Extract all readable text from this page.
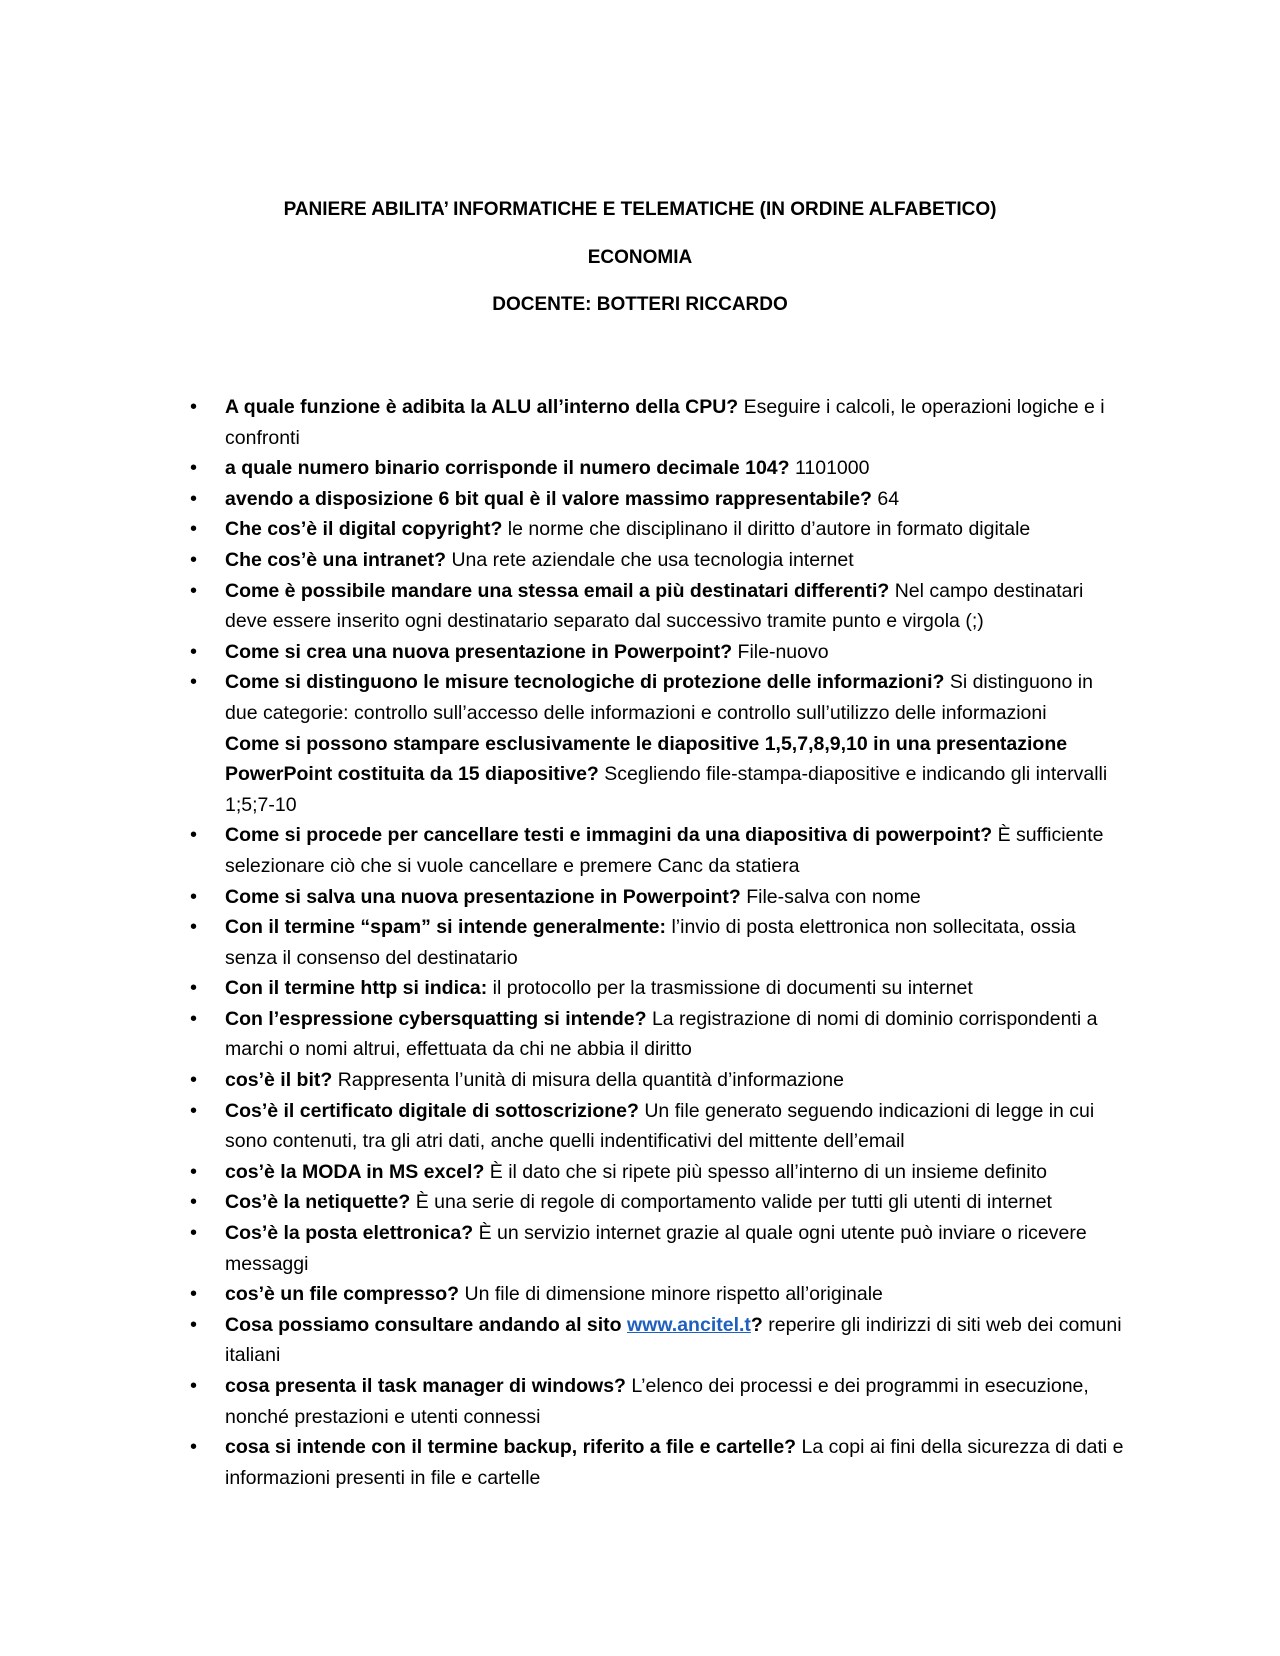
PANIERE ABILITA’ INFORMATICHE E TELEMATICHE (IN ORDINE ALFABETICO)
ECONOMIA
DOCENTE: BOTTERI RICCARDO
• A quale funzione è adibita la ALU all’interno della CPU? Eseguire i calcoli, le operazioni logiche e i confronti
• a quale numero binario corrisponde il numero decimale 104? 1101000
• avendo a disposizione 6 bit qual è il valore massimo rappresentabile? 64
• Che cos’è il digital copyright? le norme che disciplinano il diritto d’autore in formato digitale
• Che cos’è una intranet? Una rete aziendale che usa tecnologia internet
• Come è possibile mandare una stessa email a più destinatari differenti? Nel campo destinatari deve essere inserito ogni destinatario separato dal successivo tramite punto e virgola (;)
• Come si crea una nuova presentazione in Powerpoint? File-nuovo
• Come si distinguono le misure tecnologiche di protezione delle informazioni? Si distinguono in due categorie: controllo sull’accesso delle informazioni e controllo sull’utilizzo delle informazioni
Come si possono stampare esclusivamente le diapositive 1,5,7,8,9,10 in una presentazione PowerPoint costituita da 15 diapositive? Scegliendo file-stampa-diapositive e indicando gli intervalli 1;5;7-10
• Come si procede per cancellare testi e immagini da una diapositiva di powerpoint? È sufficiente selezionare ciò che si vuole cancellare e premere Canc da statiera
• Come si salva una nuova presentazione in Powerpoint? File-salva con nome
• Con il termine “spam” si intende generalmente: l’invio di posta elettronica non sollecitata, ossia senza il consenso del destinatario
• Con il termine http si indica: il protocollo per la trasmissione di documenti su internet
• Con l’espressione cybersquatting si intende? La registrazione di nomi di dominio corrispondenti a marchi o nomi altrui, effettuata da chi ne abbia il diritto
• cos’è il bit? Rappresenta l’unità di misura della quantità d’informazione
• Cos’è il certificato digitale di sottoscrizione? Un file generato seguendo indicazioni di legge in cui sono contenuti, tra gli atri dati, anche quelli indentificativi del mittente dell’email
• cos’è la MODA in MS excel? È il dato che si ripete più spesso all’interno di un insieme definito
• Cos’è la netiquette? È una serie di regole di comportamento valide per tutti gli utenti di internet
• Cos’è la posta elettronica? È un servizio internet grazie al quale ogni utente può inviare o ricevere messaggi
• cos’è un file compresso? Un file di dimensione minore rispetto all’originale
• Cosa possiamo consultare andando al sito www.ancitel.t? reperire gli indirizzi di siti web dei comuni italiani
• cosa presenta il task manager di windows? L’elenco dei processi e dei programmi in esecuzione, nonché prestazioni e utenti connessi
• cosa si intende con il termine backup, riferito a file e cartelle? La copi ai fini della sicurezza di dati e informazioni presenti in file e cartelle
